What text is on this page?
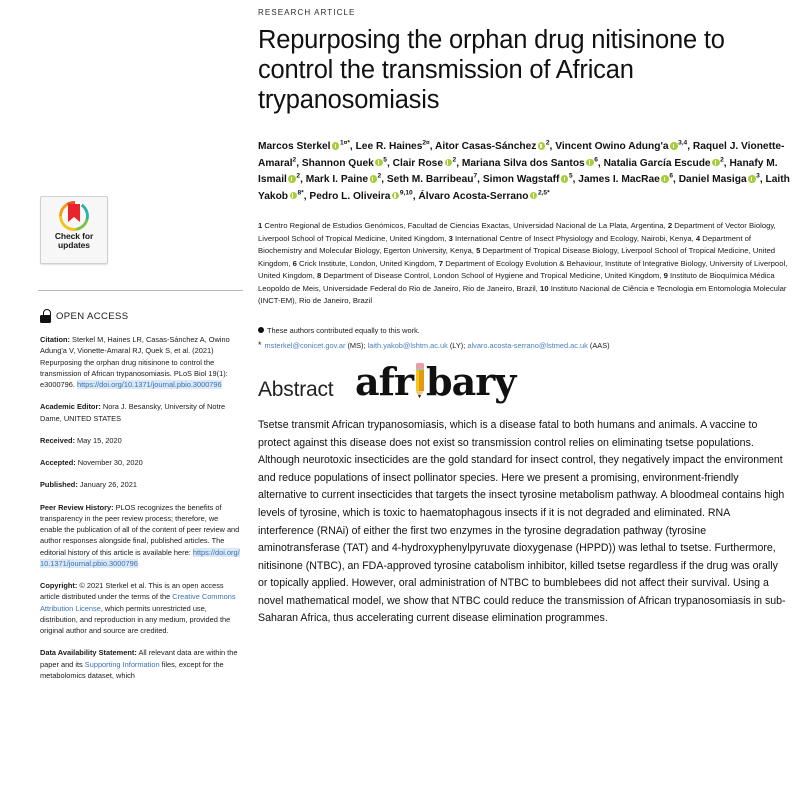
Check for
updates
OPEN ACCESS
Citation: Sterkel M, Haines LR, Casas-Sánchez A, Owino Adung'a V, Vionette-Amaral RJ, Quek S, et al. (2021) Repurposing the orphan drug nitisinone to control the transmission of African trypanosomiasis. PLoS Biol 19(1): e3000796. https://doi.org/10.1371/journal.pbio.3000796
Academic Editor: Nora J. Besansky, University of Notre Dame, UNITED STATES
Received: May 15, 2020
Accepted: November 30, 2020
Published: January 26, 2021
Peer Review History: PLOS recognizes the benefits of transparency in the peer review process; therefore, we enable the publication of all of the content of peer review and author responses alongside final, published articles. The editorial history of this article is available here: https://doi.org/10.1371/journal.pbio.3000796
Copyright: © 2021 Sterkel et al. This is an open access article distributed under the terms of the Creative Commons Attribution License, which permits unrestricted use, distribution, and reproduction in any medium, provided the original author and source are credited.
Data Availability Statement: All relevant data are within the paper and its Supporting Information files, except for the metabolomics dataset, which
RESEARCH ARTICLE
Repurposing the orphan drug nitisinone to control the transmission of African trypanosomiasis
Marcos Sterkel $^{1⁠¤*}$, Lee R. Haines$^{2¤}$, Aitor Casas-Sánchez $^2$, Vincent Owino Adung'a $^{3,4}$, Raquel J. Vionette-Amaral$^2$, Shannon Quek $^5$, Clair Rose $^2$, Mariana Silva dos Santos $^6$, Natalia García Escude $^2$, Hanafy M. Ismail $^2$, Mark I. Paine $^2$, Seth M. Barribeau$^7$, Simon Wagstaff $^5$, James I. MacRae $^6$, Daniel Masiga $^3$, Laith Yakob $^{8*}$, Pedro L. Oliveira $^{9,10}$, Álvaro Acosta-Serrano $^{2,5*}$
1 Centro Regional de Estudios Genómicos, Facultad de Ciencias Exactas, Universidad Nacional de La Plata, Argentina, 2 Department of Vector Biology, Liverpool School of Tropical Medicine, United Kingdom, 3 International Centre of Insect Physiology and Ecology, Nairobi, Kenya, 4 Department of Biochemistry and Molecular Biology, Egerton University, Kenya, 5 Department of Tropical Disease Biology, Liverpool School of Tropical Medicine, United Kingdom, 6 Crick Institute, London, United Kingdom, 7 Department of Ecology Evolution & Behaviour, Institute of Integrative Biology, University of Liverpool, United Kingdom, 8 Department of Disease Control, London School of Hygiene and Tropical Medicine, United Kingdom, 9 Instituto de Bioquímica Médica Leopoldo de Meis, Universidade Federal do Rio de Janeiro, Rio de Janeiro, Brazil, 10 Instituto Nacional de Ciência e Tecnologia em Entomologia Molecular (INCT-EM), Rio de Janeiro, Brazil
These authors contributed equally to this work.
* msterkel@conicet.gov.ar (MS); laith.yakob@lshtm.ac.uk (LY); alvaro.acosta-serrano@lstmed.ac.uk (AAS)
Abstract afr bary
Tsetse transmit African trypanosomiasis, which is a disease fatal to both humans and animals. A vaccine to protect against this disease does not exist so transmission control relies on eliminating tsetse populations. Although neurotoxic insecticides are the gold standard for insect control, they negatively impact the environment and reduce populations of insect pollinator species. Here we present a promising, environment-friendly alternative to current insecticides that targets the insect tyrosine metabolism pathway. A bloodmeal contains high levels of tyrosine, which is toxic to haematophagous insects if it is not degraded and eliminated. RNA interference (RNAi) of either the first two enzymes in the tyrosine degradation pathway (tyrosine aminotransferase (TAT) and 4-hydroxyphenylpyruvate dioxygenase (HPPD)) was lethal to tsetse. Furthermore, nitisinone (NTBC), an FDA-approved tyrosine catabolism inhibitor, killed tsetse regardless if the drug was orally or topically applied. However, oral administration of NTBC to bumblebees did not affect their survival. Using a novel mathematical model, we show that NTBC could reduce the transmission of African trypanosomiasis in sub-Saharan Africa, thus accelerating current disease elimination programmes.
